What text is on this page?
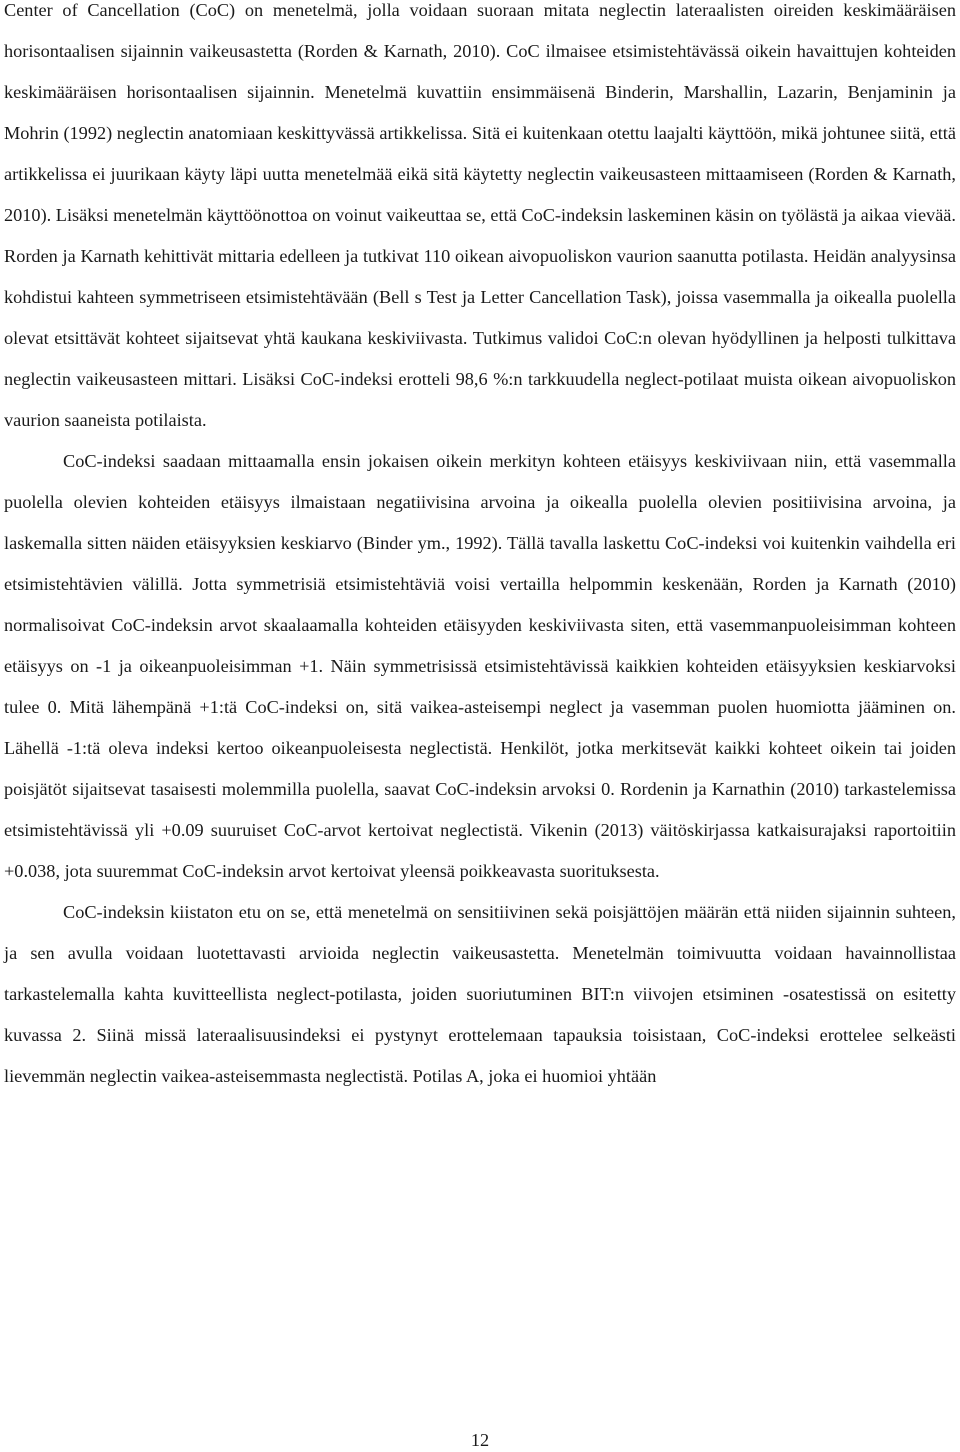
Center of Cancellation (CoC) on menetelmä, jolla voidaan suoraan mitata neglectin lateraalisten oireiden keskimääräisen horisontaalisen sijainnin vaikeusastetta (Rorden & Karnath, 2010). CoC ilmaisee etsimistehtävässä oikein havaittujen kohteiden keskimääräisen horisontaalisen sijainnin. Menetelmä kuvattiin ensimmäisenä Binderin, Marshallin, Lazarin, Benjaminin ja Mohrin (1992) neglectin anatomiaan keskittyvässä artikkelissa. Sitä ei kuitenkaan otettu laajalti käyttöön, mikä johtunee siitä, että artikkelissa ei juurikaan käyty läpi uutta menetelmää eikä sitä käytetty neglectin vaikeusasteen mittaamiseen (Rorden & Karnath, 2010). Lisäksi menetelmän käyttöönottoa on voinut vaikeuttaa se, että CoC-indeksin laskeminen käsin on työlästä ja aikaa vievää. Rorden ja Karnath kehittivät mittaria edelleen ja tutkivat 110 oikean aivopuoliskon vaurion saanutta potilasta. Heidän analyysinsa kohdistui kahteen symmetriseen etsimistehtävään (Bell s Test ja Letter Cancellation Task), joissa vasemmalla ja oikealla puolella olevat etsittävät kohteet sijaitsevat yhtä kaukana keskiviivasta. Tutkimus validoi CoC:n olevan hyödyllinen ja helposti tulkittava neglectin vaikeusasteen mittari. Lisäksi CoC-indeksi erotteli 98,6 %:n tarkkuudella neglect-potilaat muista oikean aivopuoliskon vaurion saaneista potilaista.

CoC-indeksi saadaan mittaamalla ensin jokaisen oikein merkityn kohteen etäisyys keskiviivaan niin, että vasemmalla puolella olevien kohteiden etäisyys ilmaistaan negatiivisina arvoina ja oikealla puolella olevien positiivisina arvoina, ja laskemalla sitten näiden etäisyyksien keskiarvo (Binder ym., 1992). Tällä tavalla laskettu CoC-indeksi voi kuitenkin vaihdella eri etsimistehtävien välillä. Jotta symmetrisiä etsimistehtäviä voisi vertailla helpommin keskenään, Rorden ja Karnath (2010) normalisoivat CoC-indeksin arvot skaalaamalla kohteiden etäisyyden keskiviivasta siten, että vasemmanpuoleisimman kohteen etäisyys on -1 ja oikeanpuoleisimman +1. Näin symmetrisissä etsimistehtävissä kaikkien kohteiden etäisyyksien keskiarvoksi tulee 0. Mitä lähempänä +1:tä CoC-indeksi on, sitä vaikea-asteisempi neglect ja vasemman puolen huomiotta jääminen on. Lähellä -1:tä oleva indeksi kertoo oikeanpuoleisesta neglectistä. Henkilöt, jotka merkitsevät kaikki kohteet oikein tai joiden poisjätöt sijaitsevat tasaisesti molemmilla puolella, saavat CoC-indeksin arvoksi 0. Rordenin ja Karnathin (2010) tarkastelemissa etsimistehtävissä yli +0.09 suuruiset CoC-arvot kertoivat neglectistä. Vikenin (2013) väitöskirjassa katkaisurajaksi raportoitiin +0.038, jota suuremmat CoC-indeksin arvot kertoivat yleensä poikkeavasta suorituksesta.

CoC-indeksin kiistaton etu on se, että menetelmä on sensitiivinen sekä poisjättöjen määrän että niiden sijainnin suhteen, ja sen avulla voidaan luotettavasti arvioida neglectin vaikeusastetta. Menetelmän toimivuutta voidaan havainnollistaa tarkastelemalla kahta kuvitteellista neglect-potilasta, joiden suoriutuminen BIT:n viivojen etsiminen -osatestissä on esitetty kuvassa 2. Siinä missä lateraalisuusindeksi ei pystynyt erottelemaan tapauksia toisistaan, CoC-indeksi erottelee selkeästi lievemmän neglectin vaikea-asteisemmasta neglectistä. Potilas A, joka ei huomioi yhtään

12
